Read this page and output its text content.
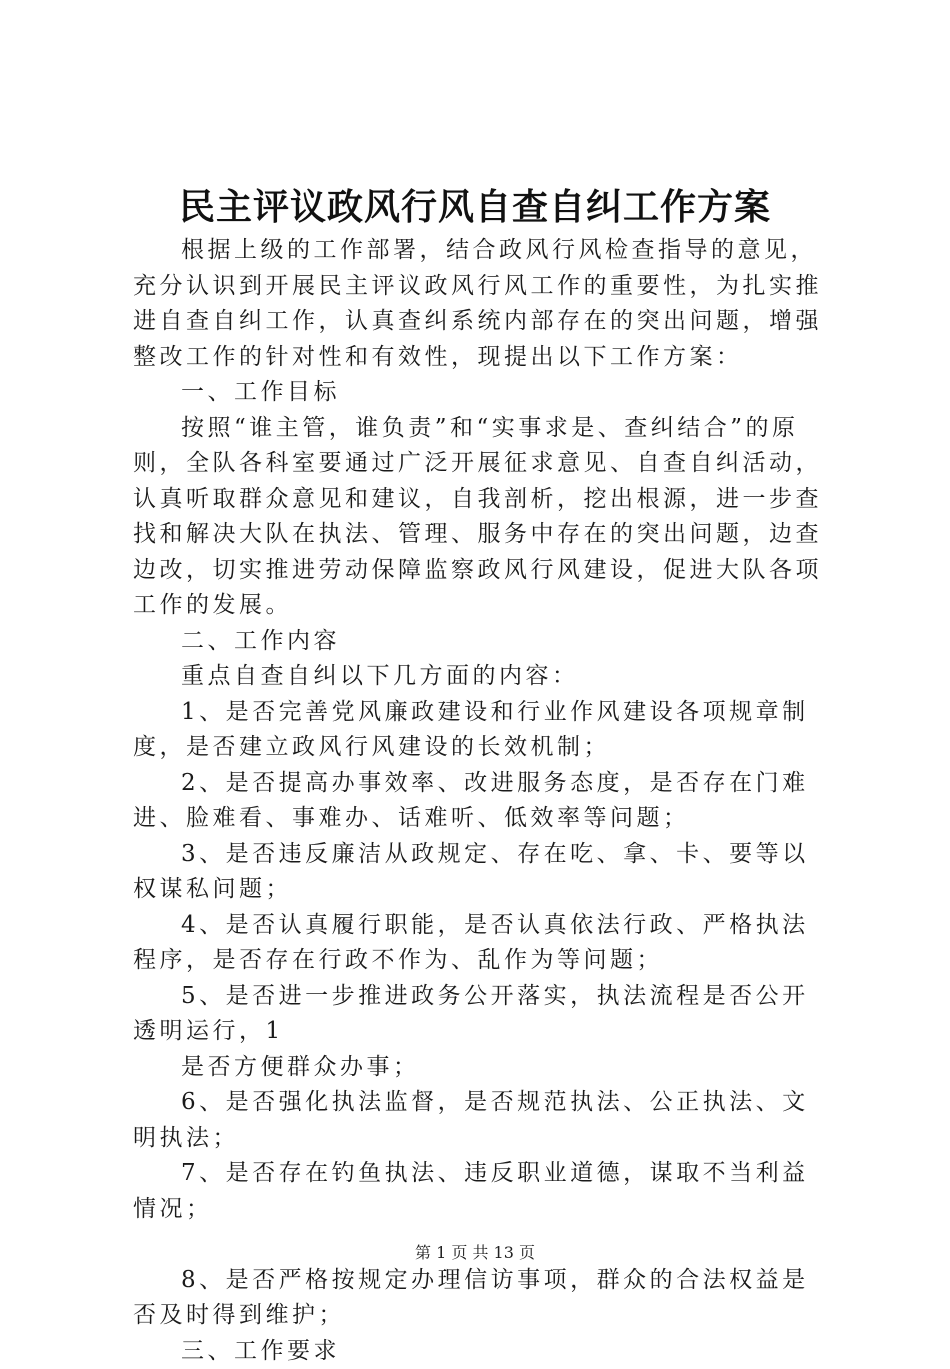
民主评议政风行风自查自纠工作方案

根据上级的工作部署，结合政风行风检查指导的意见，充分认识到开展民主评议政风行风工作的重要性，为扎实推进自查自纠工作，认真查纠系统内部存在的突出问题，增强整改工作的针对性和有效性，现提出以下工作方案：

一、工作目标

按照“谁主管，谁负责”和“实事求是、查纠结合”的原则，全队各科室要通过广泛开展征求意见、自查自纠活动，认真听取群众意见和建议，自我剖析，挖出根源，进一步查找和解决大队在执法、管理、服务中存在的突出问题，边查边改，切实推进劳动保障监察政风行风建设，促进大队各项工作的发展。

二、工作内容

重点自查自纠以下几方面的内容：

1、是否完善党风廉政建设和行业作风建设各项规章制度，是否建立政风行风建设的长效机制；

2、是否提高办事效率、改进服务态度，是否存在门难进、脸难看、事难办、话难听、低效率等问题；

3、是否违反廉洁从政规定、存在吃、拿、卡、要等以权谋私问题；

4、是否认真履行职能，是否认真依法行政、严格执法程序，是否存在行政不作为、乱作为等问题；

5、是否进一步推进政务公开落实，执法流程是否公开透明运行，1

是否方便群众办事；

6、是否强化执法监督，是否规范执法、公正执法、文明执法；

7、是否存在钓鱼执法、违反职业道德，谋取不当利益情况；

8、是否严格按规定办理信访事项，群众的合法权益是否及时得到维护；

三、工作要求

第 1 页 共 13 页
